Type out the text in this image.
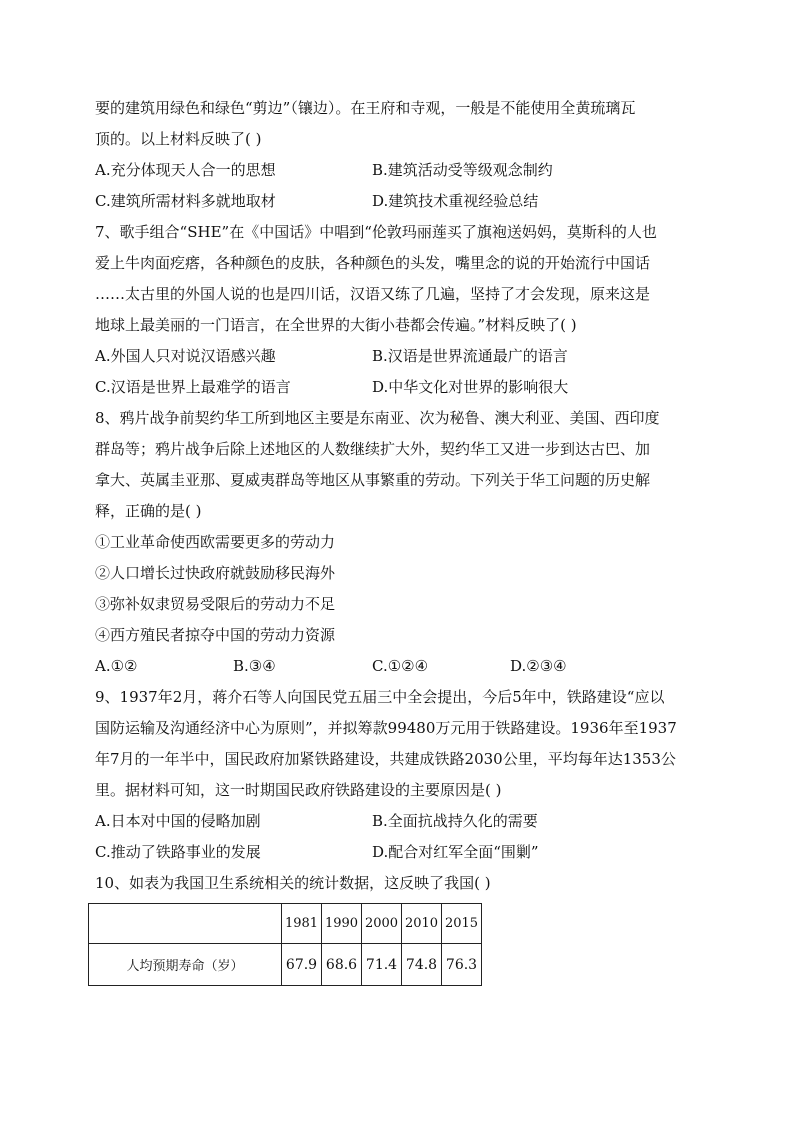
要的建筑用绿色和绿色“剪边”（镶边）。在王府和寺观，一般是不能使用全黄琉璃瓦
顶的。以上材料反映了( )
A.充分体现天人合一的思想	B.建筑活动受等级观念制约
C.建筑所需材料多就地取材	D.建筑技术重视经验总结
7、歌手组合“SHE”在《中国话》中唱到“伦敦玛丽莲买了旗袍送妈妈，莫斯科的人也
爱上牛肉面疙瘩，各种颜色的皮肤，各种颜色的头发，嘴里念的说的开始流行中国话
……太古里的外国人说的也是四川话，汉语又练了几遍，坚持了才会发现，原来这是
地球上最美丽的一门语言，在全世界的大街小巷都会传遍。”材料反映了( )
A.外国人只对说汉语感兴趣	B.汉语是世界流通最广的语言
C.汉语是世界上最难学的语言	D.中华文化对世界的影响很大
8、鸦片战争前契约华工所到地区主要是东南亚、次为秘鲁、澳大利亚、美国、西印度
群岛等；鸦片战争后除上述地区的人数继续扩大外，契约华工又进一步到达古巴、加
拿大、英属圭亚那、夏威夷群岛等地区从事繁重的劳动。下列关于华工问题的历史解
释，正确的是( )
①工业革命使西欧需要更多的劳动力
②人口增长过快政府就鼓励移民海外
③弥补奴隶贸易受限后的劳动力不足
④西方殖民者掠夺中国的劳动力资源
A.①②	B.③④	C.①②④	D.②③④
9、1937年2月，蒋介石等人向国民党五届三中全会提出，今后5年中，铁路建设“应以
国防运输及沟通经济中心为原则”，并拟筹款99480万元用于铁路建设。1936年至1937
年7月的一年半中，国民政府加紧铁路建设，共建成铁路2030公里，平均每年达1353公
里。据材料可知，这一时期国民政府铁路建设的主要原因是( )
A.日本对中国的侵略加剧	B.全面抗战持久化的需要
C.推动了铁路事业的发展	D.配合对红军全面“围剿”
10、如表为我国卫生系统相关的统计数据，这反映了我国( )
	1981	1990	2000	2010	2015
人均预期寿命（岁）	67.9	68.6	71.4	74.8	76.3
